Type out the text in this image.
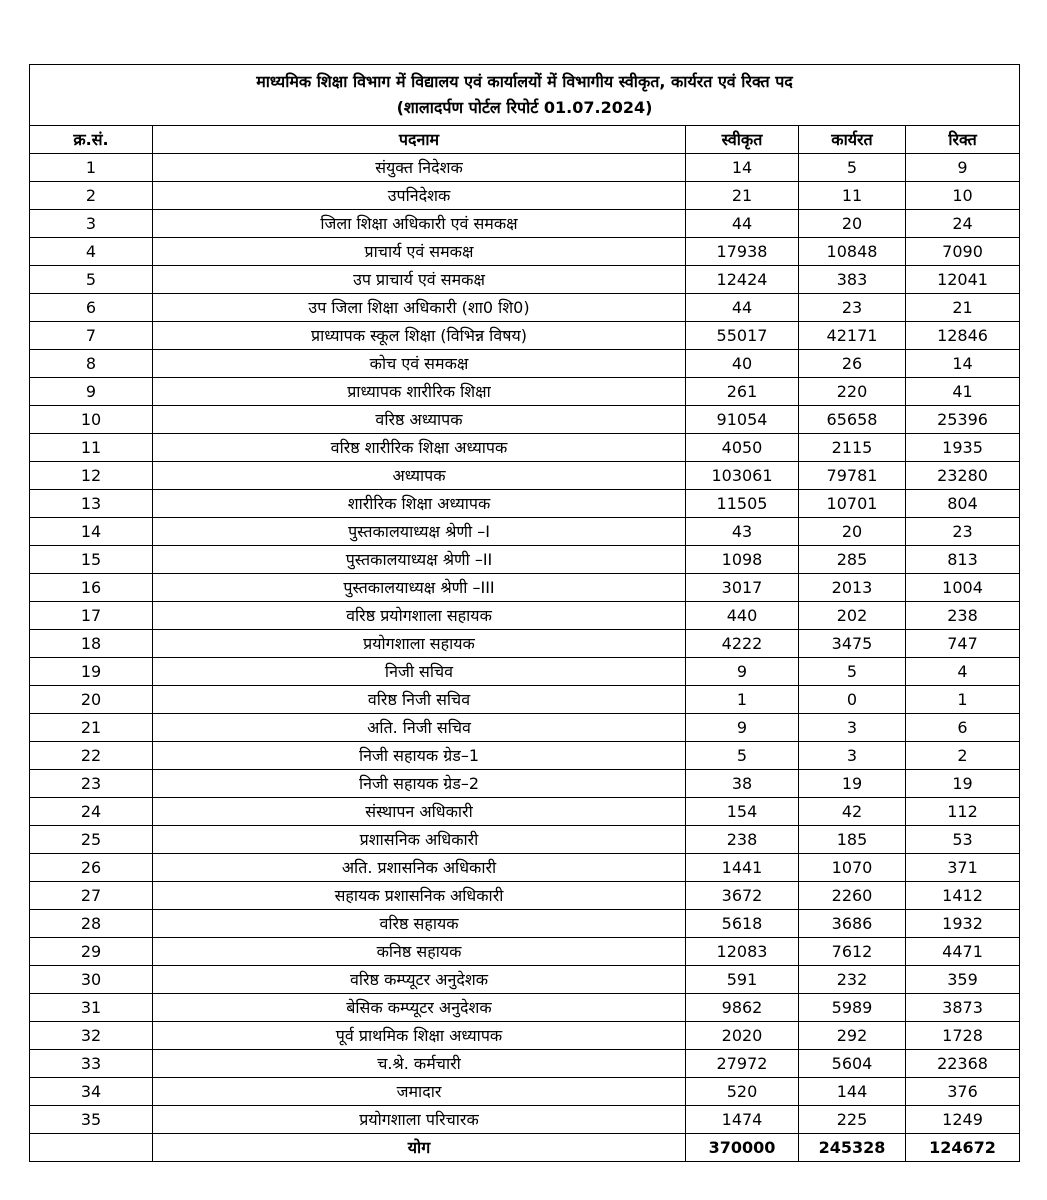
माध्यमिक शिक्षा विभाग में विद्यालय एवं कार्यालयों में विभागीय स्वीकृत, कार्यरत एवं रिक्त पद
(शालादर्पण पोर्टल रिपोर्ट 01.07.2024)				

क्र.सं.	पदनाम	स्वीकृत	कार्यरत	रिक्त
1	संयुक्त निदेशक	14	5	9
2	उपनिदेशक	21	11	10
3	जिला शिक्षा अधिकारी एवं समकक्ष	44	20	24
4	प्राचार्य एवं समकक्ष	17938	10848	7090
5	उप प्राचार्य एवं समकक्ष	12424	383	12041
6	उप जिला शिक्षा अधिकारी (शा0 शि0)	44	23	21
7	प्राध्यापक स्कूल शिक्षा (विभिन्न विषय)	55017	42171	12846
8	कोच एवं समकक्ष	40	26	14
9	प्राध्यापक शारीरिक शिक्षा	261	220	41
10	वरिष्ठ अध्यापक	91054	65658	25396
11	वरिष्ठ शारीरिक शिक्षा अध्यापक	4050	2115	1935
12	अध्यापक	103061	79781	23280
13	शारीरिक शिक्षा अध्यापक	11505	10701	804
14	पुस्तकालयाध्यक्ष श्रेणी –I	43	20	23
15	पुस्तकालयाध्यक्ष श्रेणी –II	1098	285	813
16	पुस्तकालयाध्यक्ष श्रेणी –III	3017	2013	1004
17	वरिष्ठ प्रयोगशाला सहायक	440	202	238
18	प्रयोगशाला सहायक	4222	3475	747
19	निजी सचिव	9	5	4
20	वरिष्ठ निजी सचिव	1	0	1
21	अति. निजी सचिव	9	3	6
22	निजी सहायक ग्रेड–1	5	3	2
23	निजी सहायक ग्रेड–2	38	19	19
24	संस्थापन अधिकारी	154	42	112
25	प्रशासनिक अधिकारी	238	185	53
26	अति. प्रशासनिक अधिकारी	1441	1070	371
27	सहायक प्रशासनिक अधिकारी	3672	2260	1412
28	वरिष्ठ सहायक	5618	3686	1932
29	कनिष्ठ सहायक	12083	7612	4471
30	वरिष्ठ कम्प्यूटर अनुदेशक	591	232	359
31	बेसिक कम्प्यूटर अनुदेशक	9862	5989	3873
32	पूर्व प्राथमिक शिक्षा अध्यापक	2020	292	1728
33	च.श्रे. कर्मचारी	27972	5604	22368
34	जमादार	520	144	376
35	प्रयोगशाला परिचारक	1474	225	1249
	योग	370000	245328	124672
